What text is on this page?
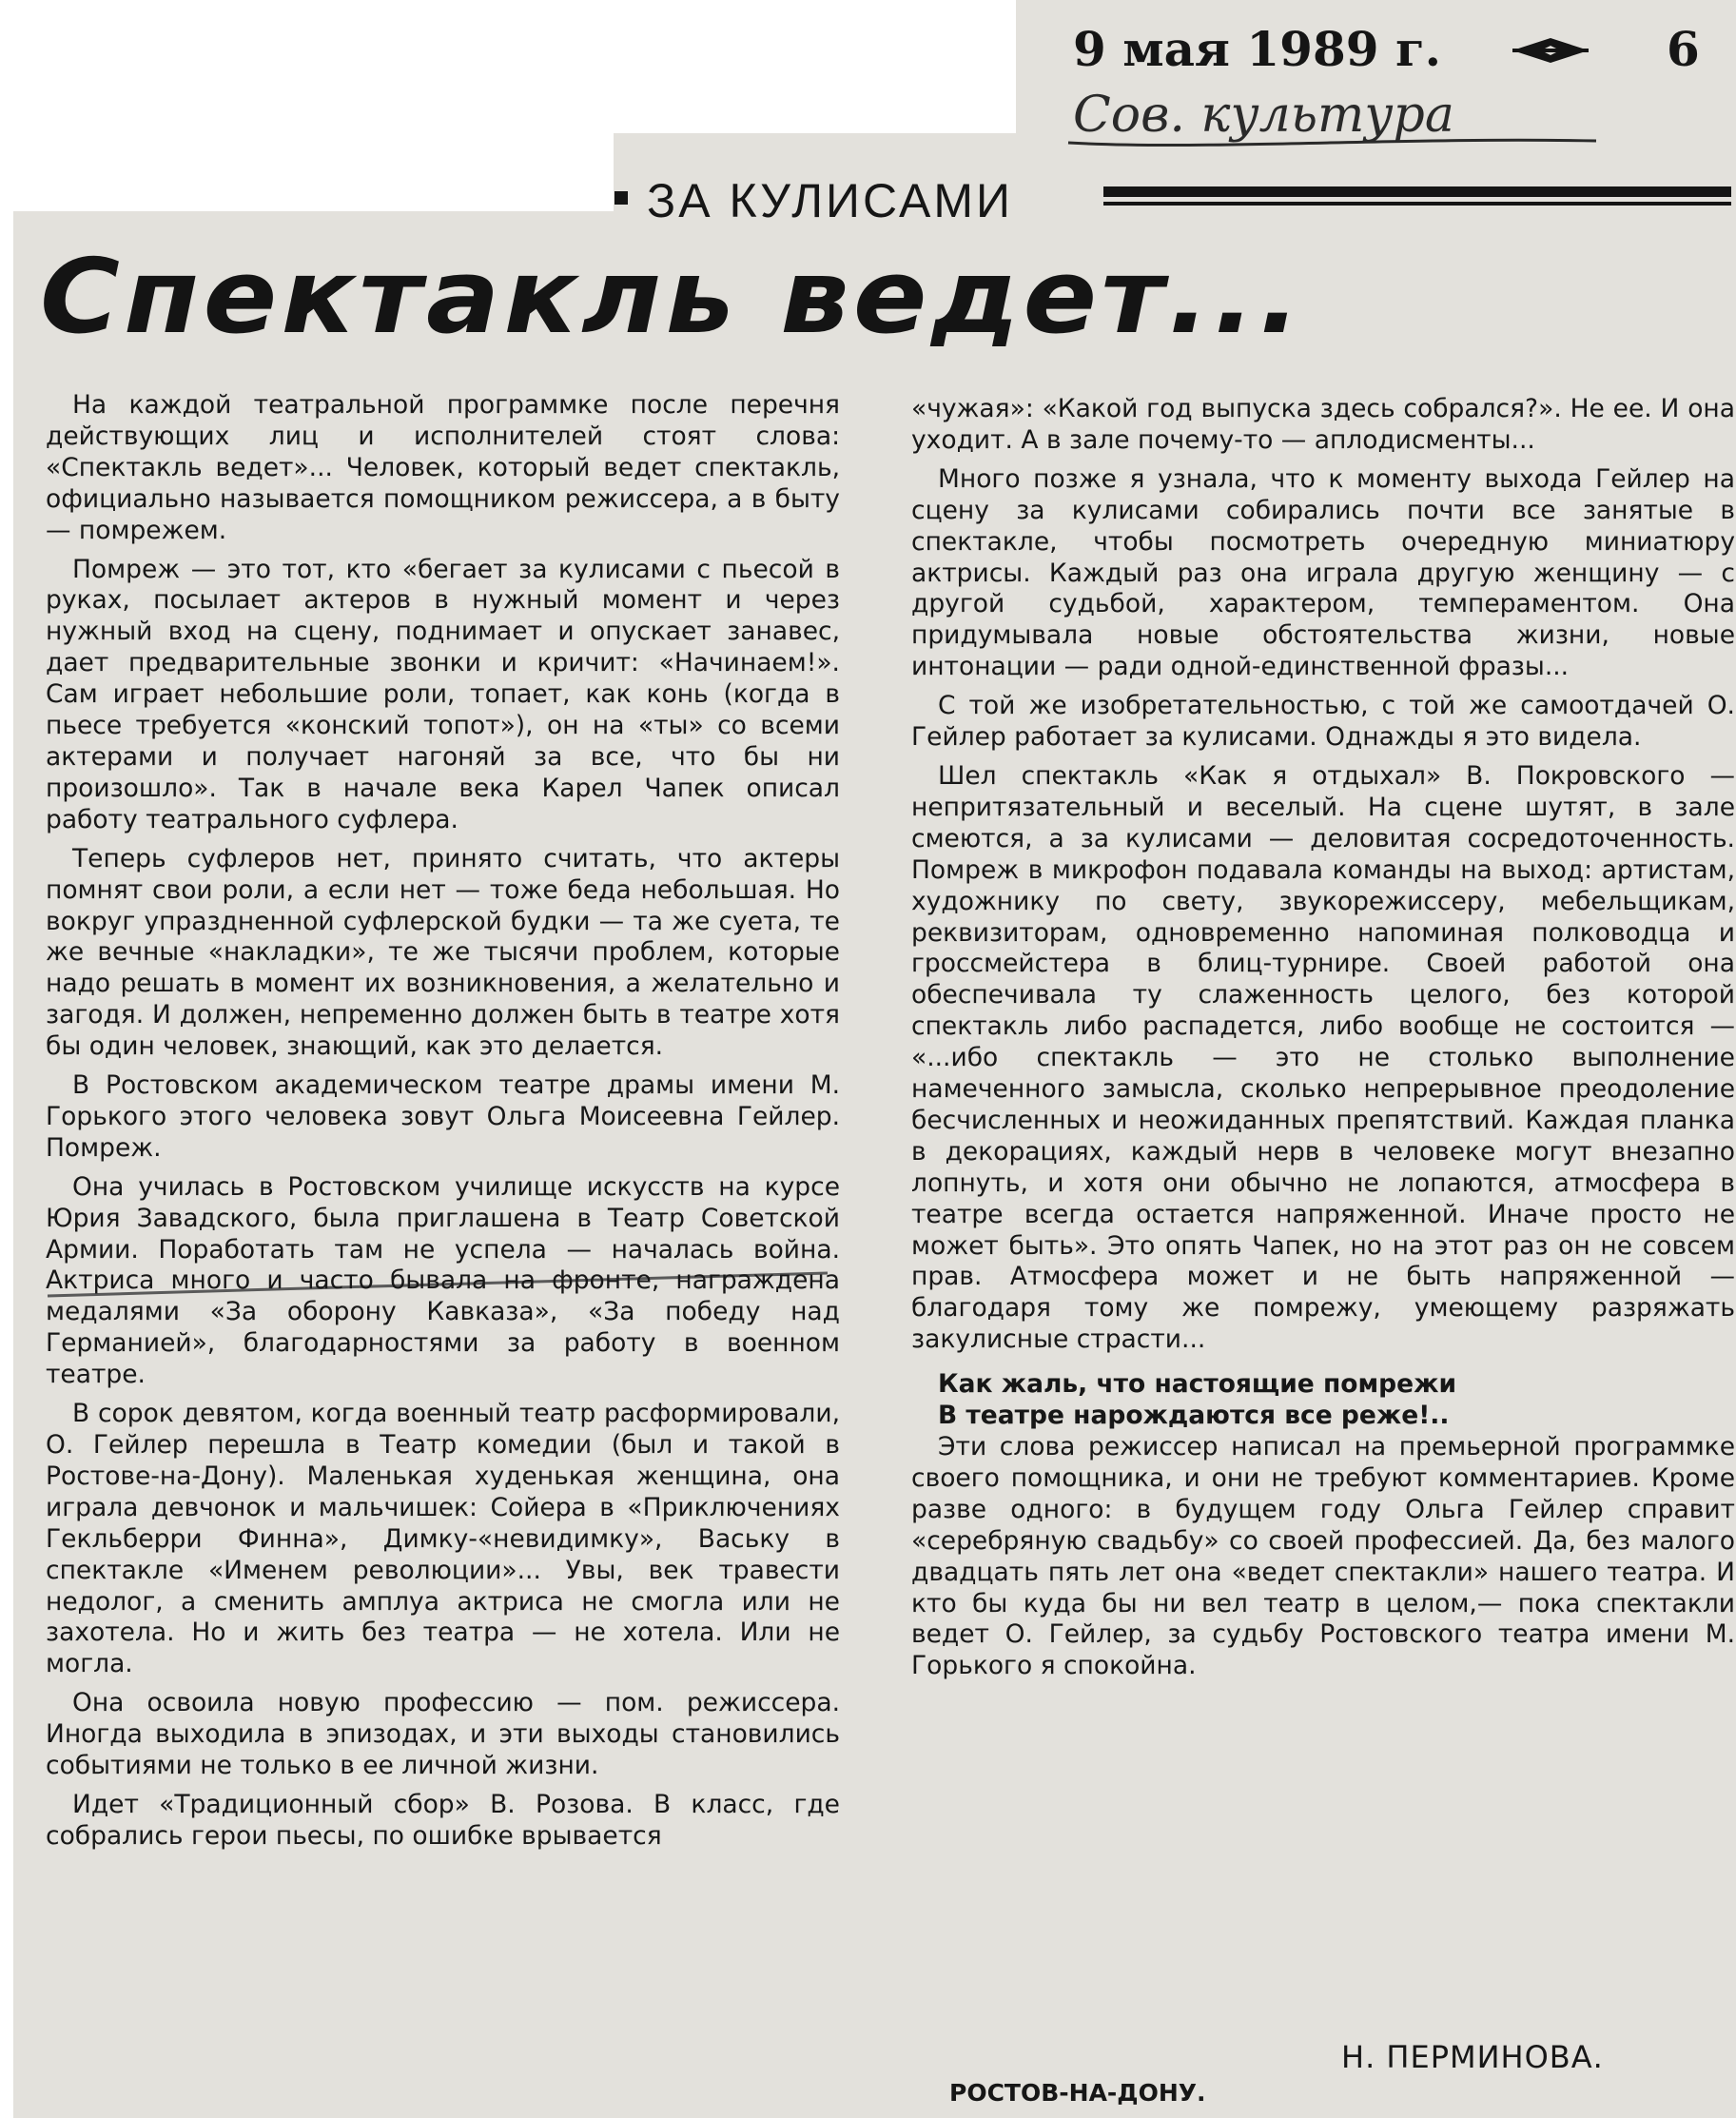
9 мая 1989 г.	6
Сов. культура
ЗА КУЛИСАМИ
Спектакль ведет...

На каждой театральной программке после перечня действующих лиц и исполнителей стоят слова: «Спектакль ведет»... Человек, который ведет спектакль, официально называется помощником режиссера, а в быту — помрежем.

Помреж — это тот, кто «бегает за кулисами с пьесой в руках, посылает актеров в нужный момент и через нужный вход на сцену, поднимает и опускает занавес, дает предварительные звонки и кричит: «Начинаем!». Сам играет небольшие роли, топает, как конь (когда в пьесе требуется «конский топот»), он на «ты» со всеми актерами и получает нагоняй за все, что бы ни произошло». Так в начале века Карел Чапек описал работу театрального суфлера.

Теперь суфлеров нет, принято считать, что актеры помнят свои роли, а если нет — тоже беда небольшая. Но вокруг упраздненной суфлерской будки — та же суета, те же вечные «накладки», те же тысячи проблем, которые надо решать в момент их возникновения, а желательно и загодя. И должен, непременно должен быть в театре хотя бы один человек, знающий, как это делается.

В Ростовском академическом театре драмы имени М. Горького этого человека зовут Ольга Моисеевна Гейлер. Помреж.

Она училась в Ростовском училище искусств на курсе Юрия Завадского, была приглашена в Театр Советской Армии. Поработать там не успела — началась война. Актриса много и часто бывала на фронте, награждена медалями «За оборону Кавказа», «За победу над Германией», благодарностями за работу в военном театре.

В сорок девятом, когда военный театр расформировали, О. Гейлер перешла в Театр комедии (был и такой в Ростове-на-Дону). Маленькая худенькая женщина, она играла девчонок и мальчишек: Сойера в «Приключениях Гекльберри Финна», Димку-«невидимку», Ваську в спектакле «Именем революции»... Увы, век травести недолог, а сменить амплуа актриса не смогла или не захотела. Но и жить без театра — не хотела. Или не могла.

Она освоила новую профессию — пом. режиссера. Иногда выходила в эпизодах, и эти выходы становились событиями не только в ее личной жизни.

Идет «Традиционный сбор» В. Розова. В класс, где собрались герои пьесы, по ошибке врывается

«чужая»: «Какой год выпуска здесь собрался?». Не ее. И она уходит. А в зале почему-то — аплодисменты...

Много позже я узнала, что к моменту выхода Гейлер на сцену за кулисами собирались почти все занятые в спектакле, чтобы посмотреть очередную миниатюру актрисы. Каждый раз она играла другую женщину — с другой судьбой, характером, темпераментом. Она придумывала новые обстоятельства жизни, новые интонации — ради одной-единственной фразы...

С той же изобретательностью, с той же самоотдачей О. Гейлер работает за кулисами. Однажды я это видела.

Шел спектакль «Как я отдыхал» В. Покровского — непритязательный и веселый. На сцене шутят, в зале смеются, а за кулисами — деловитая сосредоточенность. Помреж в микрофон подавала команды на выход: артистам, художнику по свету, звукорежиссеру, мебельщикам, реквизиторам, одновременно напоминая полководца и гроссмейстера в блиц-турнире. Своей работой она обеспечивала ту слаженность целого, без которой спектакль либо распадется, либо вообще не состоится — «...ибо спектакль — это не столько выполнение намеченного замысла, сколько непрерывное преодоление бесчисленных и неожиданных препятствий. Каждая планка в декорациях, каждый нерв в человеке могут внезапно лопнуть, и хотя они обычно не лопаются, атмосфера в театре всегда остается напряженной. Иначе просто не может быть». Это опять Чапек, но на этот раз он не совсем прав. Атмосфера может и не быть напряженной — благодаря тому же помрежу, умеющему разряжать закулисные страсти...

Как жаль, что настоящие помрежи

В театре нарождаются все реже!..

Эти слова режиссер написал на премьерной программке своего помощника, и они не требуют комментариев. Кроме разве одного: в будущем году Ольга Гейлер справит «серебряную свадьбу» со своей профессией. Да, без малого двадцать пять лет она «ведет спектакли» нашего театра. И кто бы куда бы ни вел театр в целом,— пока спектакли ведет О. Гейлер, за судьбу Ростовского театра имени М. Горького я спокойна.

Н. ПЕРМИНОВА.
РОСТОВ-НА-ДОНУ.
